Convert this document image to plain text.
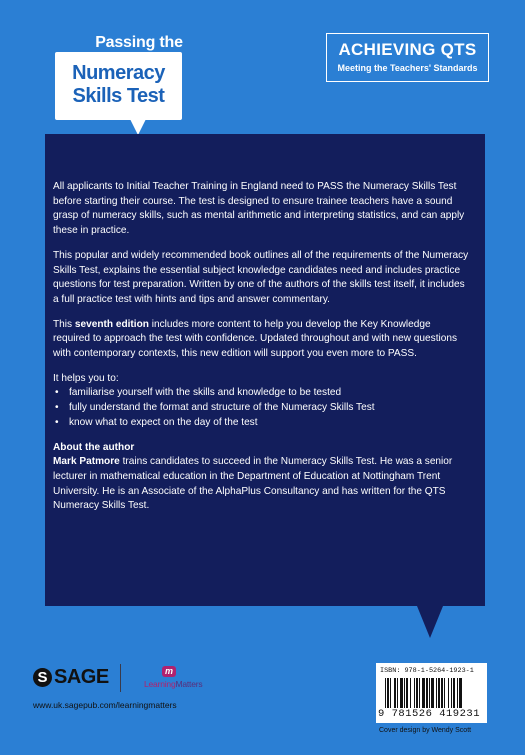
Passing the
Numeracy
Skills Test
ACHIEVING QTS
Meeting the Teachers' Standards

All applicants to Initial Teacher Training in England need to PASS the Numeracy Skills Test before starting their course. The test is designed to ensure trainee teachers have a sound grasp of numeracy skills, such as mental arithmetic and interpreting statistics, and can apply these in practice.

This popular and widely recommended book outlines all of the requirements of the Numeracy Skills Test, explains the essential subject knowledge candidates need and includes practice questions for test preparation. Written by one of the authors of the skills test itself, it includes a full practice test with hints and tips and answer commentary.

This seventh edition includes more content to help you develop the Key Knowledge required to approach the test with confidence. Updated throughout and with new questions with contemporary contexts, this new edition will support you even more to PASS.

It helps you to:

• familiarise yourself with the skills and knowledge to be tested
• fully understand the format and structure of the Numeracy Skills Test
• know what to expect on the day of the test

About the author

Mark Patmore trains candidates to succeed in the Numeracy Skills Test. He was a senior lecturer in mathematical education in the Department of Education at Nottingham Trent University. He is an Associate of the AlphaPlus Consultancy and has written for the QTS Numeracy Skills Test.

S SAGE	m
LearningMatters
www.uk.sagepub.com/learningmatters
ISBN: 978-1-5264-1923-1
9 781526 419231
Cover design by Wendy Scott
